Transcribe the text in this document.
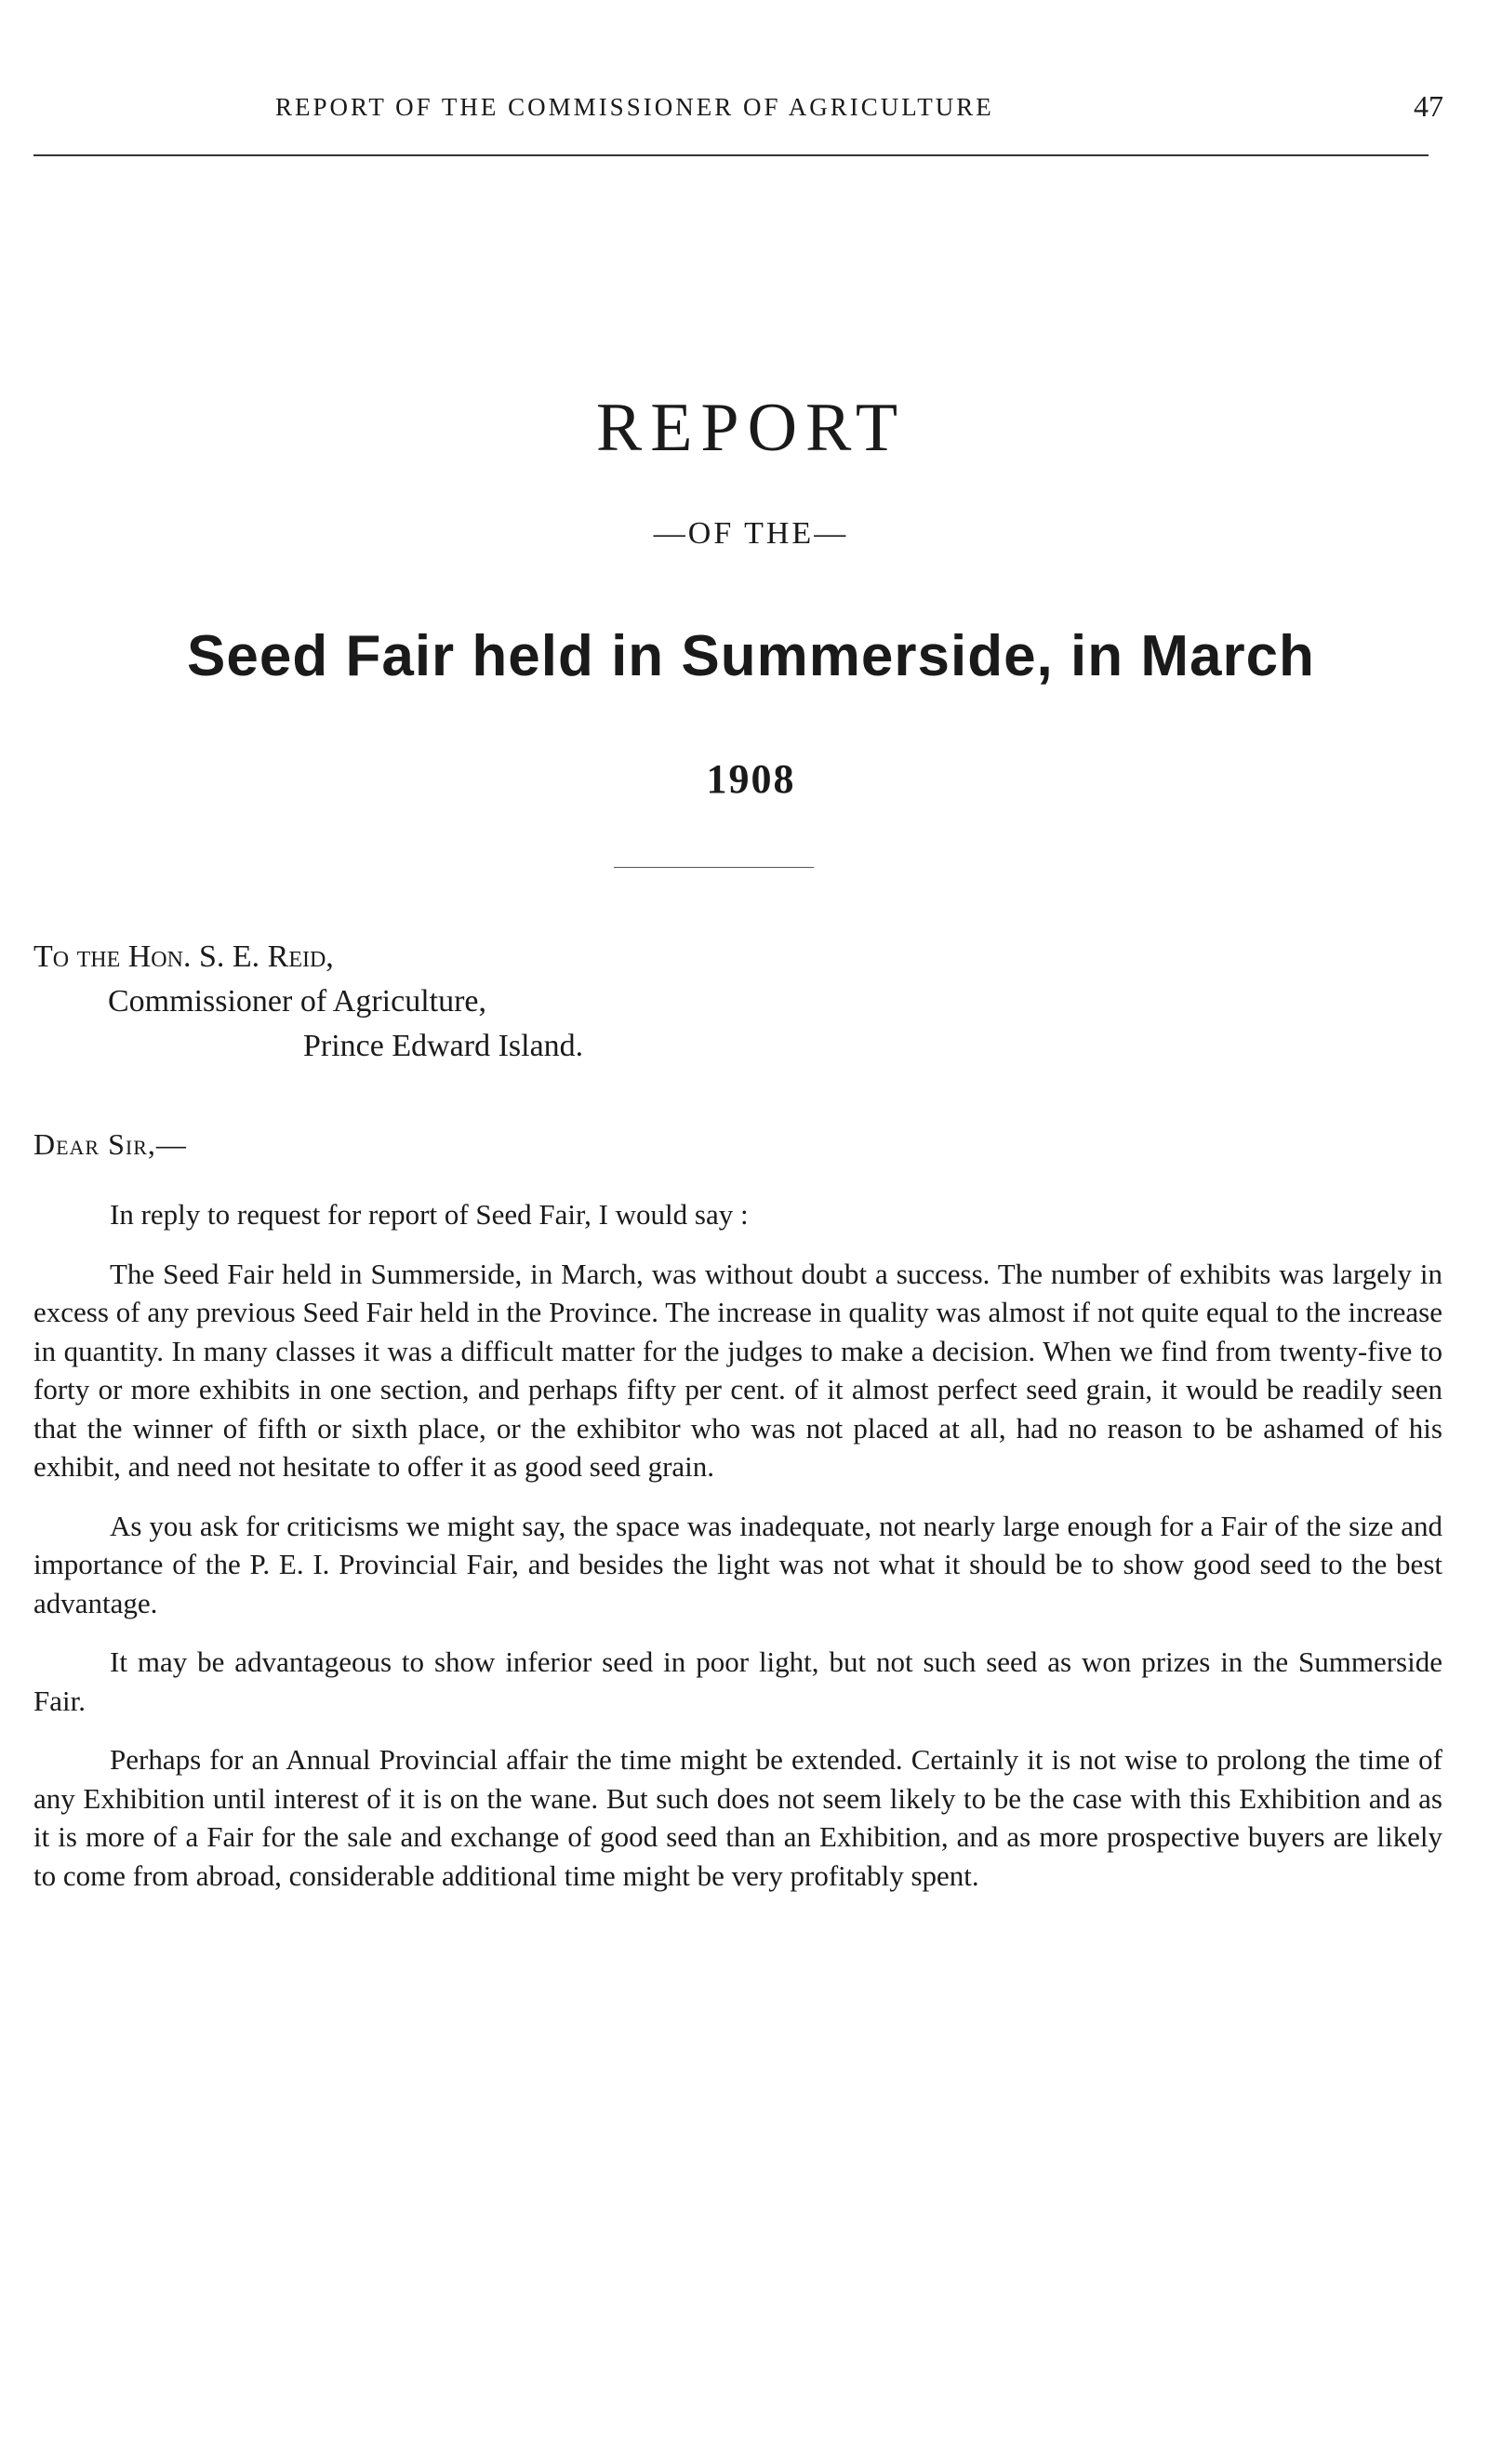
REPORT OF THE COMMISSIONER OF AGRICULTURE	47
REPORT
—OF THE—
Seed Fair held in Summerside, in March
1908
To the Hon. S. E. Reid,
Commissioner of Agriculture,
Prince Edward Island.
Dear Sir,—

In reply to request for report of Seed Fair, I would say :

The Seed Fair held in Summerside, in March, was without doubt a success. The number of exhibits was largely in excess of any previous Seed Fair held in the Province. The increase in quality was almost if not quite equal to the increase in quantity. In many classes it was a difficult matter for the judges to make a decision. When we find from twenty-five to forty or more exhibits in one section, and perhaps fifty per cent. of it almost perfect seed grain, it would be readily seen that the winner of fifth or sixth place, or the exhibitor who was not placed at all, had no reason to be ashamed of his exhibit, and need not hesitate to offer it as good seed grain.

As you ask for criticisms we might say, the space was inadequate, not nearly large enough for a Fair of the size and importance of the P. E. I. Provincial Fair, and besides the light was not what it should be to show good seed to the best advantage.

It may be advantageous to show inferior seed in poor light, but not such seed as won prizes in the Summerside Fair.

Perhaps for an Annual Provincial affair the time might be extended. Certainly it is not wise to prolong the time of any Exhibition until interest of it is on the wane. But such does not seem likely to be the case with this Exhibition and as it is more of a Fair for the sale and exchange of good seed than an Exhibition, and as more prospective buyers are likely to come from abroad, considerable additional time might be very profitably spent.
